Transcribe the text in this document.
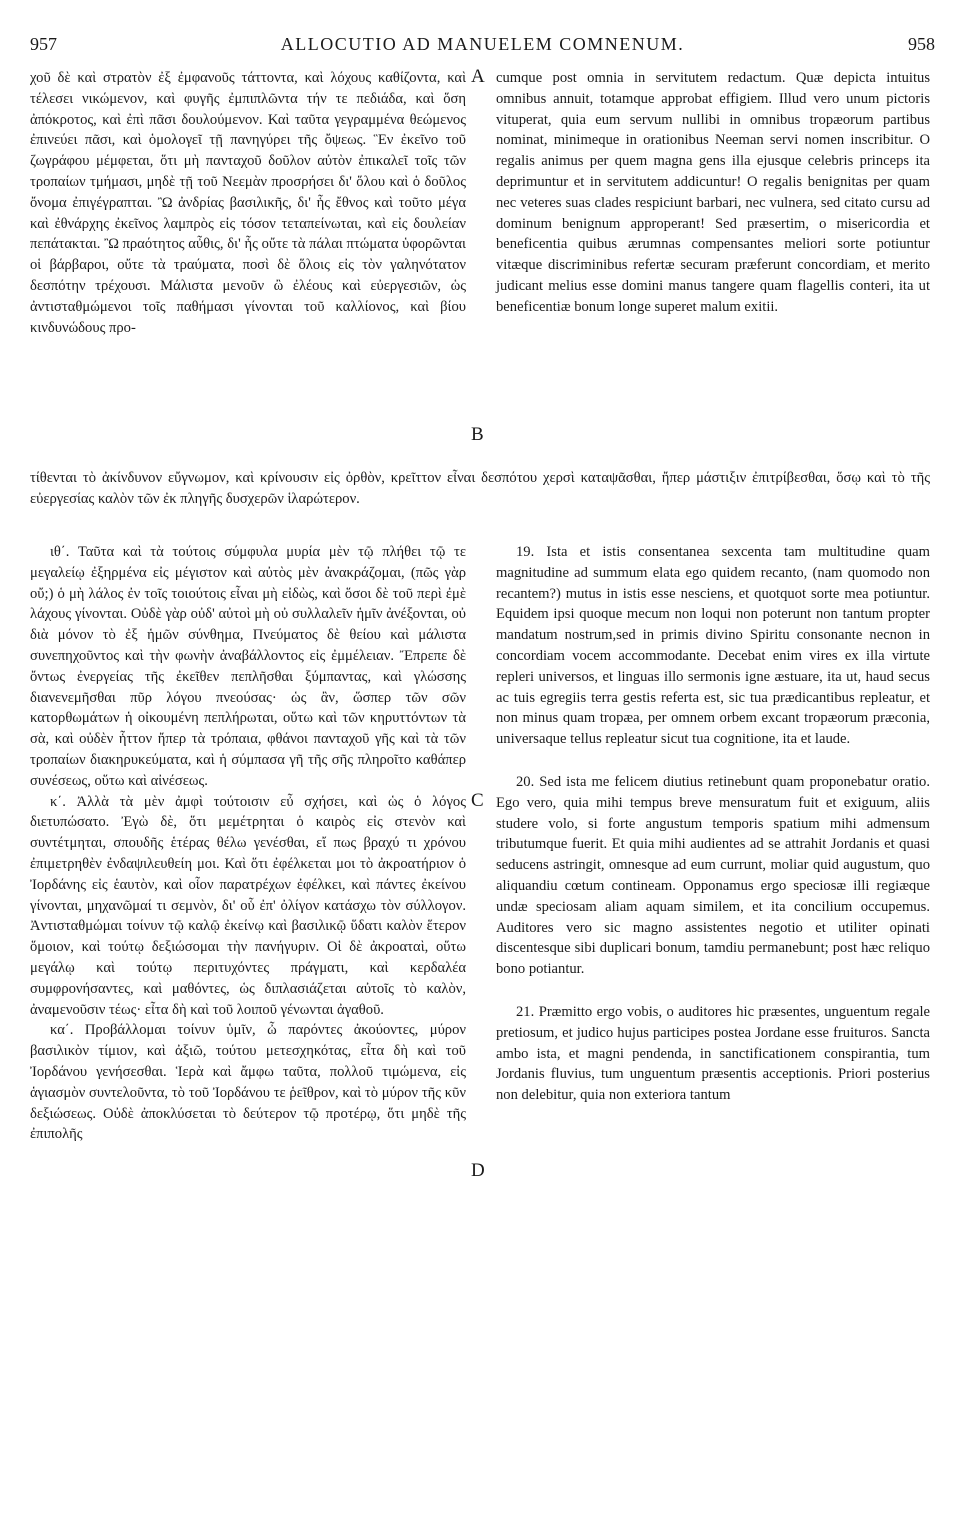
957	ALLOCUTIO AD MANUELEM COMNENUM.	958

χοῦ δὲ καὶ στρατὸν ἐξ ἐμφανοῦς τάττοντα, καὶ λόχους καθίζοντα, καὶ τέλεσει νικώμενον, καὶ φυγῆς ἐμπιπλῶντα τήν τε πεδιάδα, καὶ ὅση ἀπόκροτος, καὶ ἐπὶ πᾶσι δουλούμενον. Καὶ ταῦτα γεγραμμένα θεώμενος ἐπινεύει πᾶσι, καὶ ὁμολογεῖ τῇ πανηγύρει τῆς ὄψεως. Ἓν ἐκεῖνο τοῦ ζωγράφου μέμφεται, ὅτι μὴ πανταχοῦ δοῦλον αὐτὸν ἐπικαλεῖ τοῖς τῶν τροπαίων τμήμασι, μηδὲ τῇ τοῦ Νεεμὰν προσρήσει δι' ὅλου καὶ ὁ δοῦλος ὄνομα ἐπιγέγραπται. Ὢ ἀνδρίας βασιλικῆς, δι' ἧς ἔθνος καὶ τοῦτο μέγα καὶ ἐθνάρχης ἐκεῖνος λαμπρὸς εἰς τόσον τεταπείνωται, καὶ εἰς δουλείαν πεπάτακται. Ὢ πραότητος αὖθις, δι' ἧς οὔτε τὰ πάλαι πτώματα ὑφορῶνται οἱ βάρβαροι, οὔτε τὰ τραύματα, ποσὶ δὲ ὅλοις εἰς τὸν γαληνότατον δεσπότην τρέχουσι. Μάλιστα μενοῦν ὢ ἐλέους καὶ εὐεργεσιῶν, ὡς ἀντισταθμώμενοι τοῖς παθήμασι γίνονται τοῦ καλλίονος, καὶ βίου κινδυνώδους προ-

cumque post omnia in servitutem redactum. Quæ depicta intuitus omnibus annuit, totamque approbat effigiem. Illud vero unum pictoris vituperat, quia eum servum nullibi in omnibus tropæorum partibus nominat, minimeque in orationibus Neeman servi nomen inscribitur. O regalis animus per quem magna gens illa ejusque celebris princeps ita deprimuntur et in servitutem addicuntur! O regalis benignitas per quam nec veteres suas clades respiciunt barbari, nec vulnera, sed citato cursu ad dominum benignum approperant! Sed præsertim, o misericordia et beneficentia quibus ærumnas compensantes meliori sorte potiuntur vitæque discriminibus refertæ securam præferunt concordiam, et merito judicant melius esse domini manus tangere quam flagellis conteri, ita ut beneficentiæ bonum longe superet malum exitii.

A
B

τίθενται τὸ ἀκίνδυνον εὔγνωμον, καὶ κρίνουσιν εἰς ὀρθὸν, κρεῖττον εἶναι δεσπότου χερσὶ καταψᾶσθαι, ἤπερ μάστιξιν ἐπιτρίβεσθαι, ὅσῳ καὶ τὸ τῆς εὐεργεσίας καλὸν τῶν ἐκ πληγῆς δυσχερῶν ἱλαρώτερον.

ιθ΄. Ταῦτα καὶ τὰ τούτοις σύμφυλα μυρία μὲν τῷ πλήθει τῷ τε μεγαλείῳ ἐξηρμένα εἰς μέγιστον καὶ αὐτὸς μὲν ἀνακράζομαι, (πῶς γὰρ οὔ;) ὁ μὴ λάλος ἐν τοῖς τοιούτοις εἶναι μὴ εἰδὼς, καὶ ὅσοι δὲ τοῦ περὶ ἐμὲ λάχους γίνονται. Οὐδὲ γὰρ οὐδ' αὐτοὶ μὴ οὐ συλλαλεῖν ἡμῖν ἀνέξονται, οὐ διὰ μόνον τὸ ἐξ ἡμῶν σύνθημα, Πνεύματος δὲ θείου καὶ μάλιστα συνεπηχοῦντος καὶ τὴν φωνὴν ἀναβάλλοντος εἰς ἐμμέλειαν. Ἔπρεπε δὲ ὄντως ἐνεργείας τῆς ἐκεῖθεν πεπλῆσθαι ξύμπαντας, καὶ γλώσσης διανενεμῆσθαι πῦρ λόγου πνεούσας· ὡς ἂν, ὥσπερ τῶν σῶν κατορθωμάτων ἡ οἰκουμένη πεπλήρωται, οὕτω καὶ τῶν κηρυττόντων τὰ σὰ, καὶ οὐδὲν ἧττον ἤπερ τὰ τρόπαια, φθάνοι πανταχοῦ γῆς καὶ τὰ τῶν τροπαίων διακηρυκεύματα, καὶ ἡ σύμπασα γῆ τῆς σῆς πληροῖτο καθάπερ συνέσεως, οὕτω καὶ αἰνέσεως.

κ΄. Ἀλλὰ τὰ μὲν ἀμφὶ τούτοισιν εὖ σχήσει, καὶ ὡς ὁ λόγος διετυπώσατο. Ἐγὼ δὲ, ὅτι μεμέτρηται ὁ καιρὸς εἰς στενὸν καὶ συντέτμηται, σπουδῆς ἑτέρας θέλω γενέσθαι, εἴ πως βραχύ τι χρόνου ἐπιμετρηθὲν ἐνδαψιλευθείη μοι. Καὶ ὅτι ἐφέλκεται μοι τὸ ἀκροατήριον ὁ Ἰορδάνης εἰς ἑαυτὸν, καὶ οἷον παρατρέχων ἐφέλκει, καὶ πάντες ἐκείνου γίνονται, μηχανῶμαί τι σεμνὸν, δι' οὗ ἐπ' ὀλίγον κατάσχω τὸν σύλλογον. Ἀντισταθμώμαι τοίνυν τῷ καλῷ ἐκείνῳ καὶ βασιλικῷ ὕδατι καλὸν ἕτερον ὅμοιον, καὶ τούτῳ δεξιώσομαι τὴν πανήγυριν. Οἱ δὲ ἀκροαταὶ, οὕτω μεγάλῳ καὶ τούτῳ περιτυχόντες πράγματι, καὶ κερδαλέα συμφρονήσαντες, καὶ μαθόντες, ὡς διπλασιάζεται αὐτοῖς τὸ καλὸν, ἀναμενοῦσιν τέως· εἶτα δὴ καὶ τοῦ λοιποῦ γένωνται ἀγαθοῦ.

κα΄. Προβάλλομαι τοίνυν ὑμῖν, ὦ παρόντες ἀκούοντες, μύρον βασιλικὸν τίμιον, καὶ ἀξιῶ, τούτου μετεσχηκότας, εἶτα δὴ καὶ τοῦ Ἰορδάνου γενήσεσθαι. Ἱερὰ καὶ ἄμφω ταῦτα, πολλοῦ τιμώμενα, εἰς ἁγιασμὸν συντελοῦντα, τὸ τοῦ Ἰορδάνου τε ῥεῖθρον, καὶ τὸ μύρον τῆς κῦν δεξιώσεως. Οὐδὲ ἀποκλύσεται τὸ δεύτερον τῷ προτέρῳ, ὅτι μηδὲ τῆς ἐπιπολῆς

19. Ista et istis consentanea sexcenta tam multitudine quam magnitudine ad summum elata ego quidem recanto, (nam quomodo non recantem?) mutus in istis esse nesciens, et quotquot sorte mea potiuntur. Equidem ipsi quoque mecum non loqui non poterunt non tantum propter mandatum nostrum,sed in primis divino Spiritu consonante necnon in concordiam vocem accommodante. Decebat enim vires ex illa virtute repleri universos, et linguas illo sermonis igne æstuare, ita ut, haud secus ac tuis egregiis terra gestis referta est, sic tua prædicantibus repleatur, et non minus quam tropæa, per omnem orbem excant tropæorum præconia, universaque tellus repleatur sicut tua cognitione, ita et laude.

20. Sed ista me felicem diutius retinebunt quam proponebatur oratio. Ego vero, quia mihi tempus breve mensuratum fuit et exiguum, aliis studere volo, si forte angustum temporis spatium mihi admensum tributumque fuerit. Et quia mihi audientes ad se attrahit Jordanis et quasi seducens astringit, omnesque ad eum currunt, moliar quid augustum, quo aliquandiu cœtum contineam. Opponamus ergo speciosæ illi regiæque undæ speciosam aliam aquam similem, et ita concilium occupemus. Auditores vero sic magno assistentes negotio et utiliter opinati discentesque sibi duplicari bonum, tamdiu permanebunt; post hæc reliquo bono potiantur.

21. Præmitto ergo vobis, o auditores hic præsentes, unguentum regale pretiosum, et judico hujus participes postea Jordane esse fruituros. Sancta ambo ista, et magni pendenda, in sanctificationem conspirantia, tum Jordanis fluvius, tum unguentum præsentis acceptionis. Priori posterius non delebitur, quia non exteriora tantum

C
D
